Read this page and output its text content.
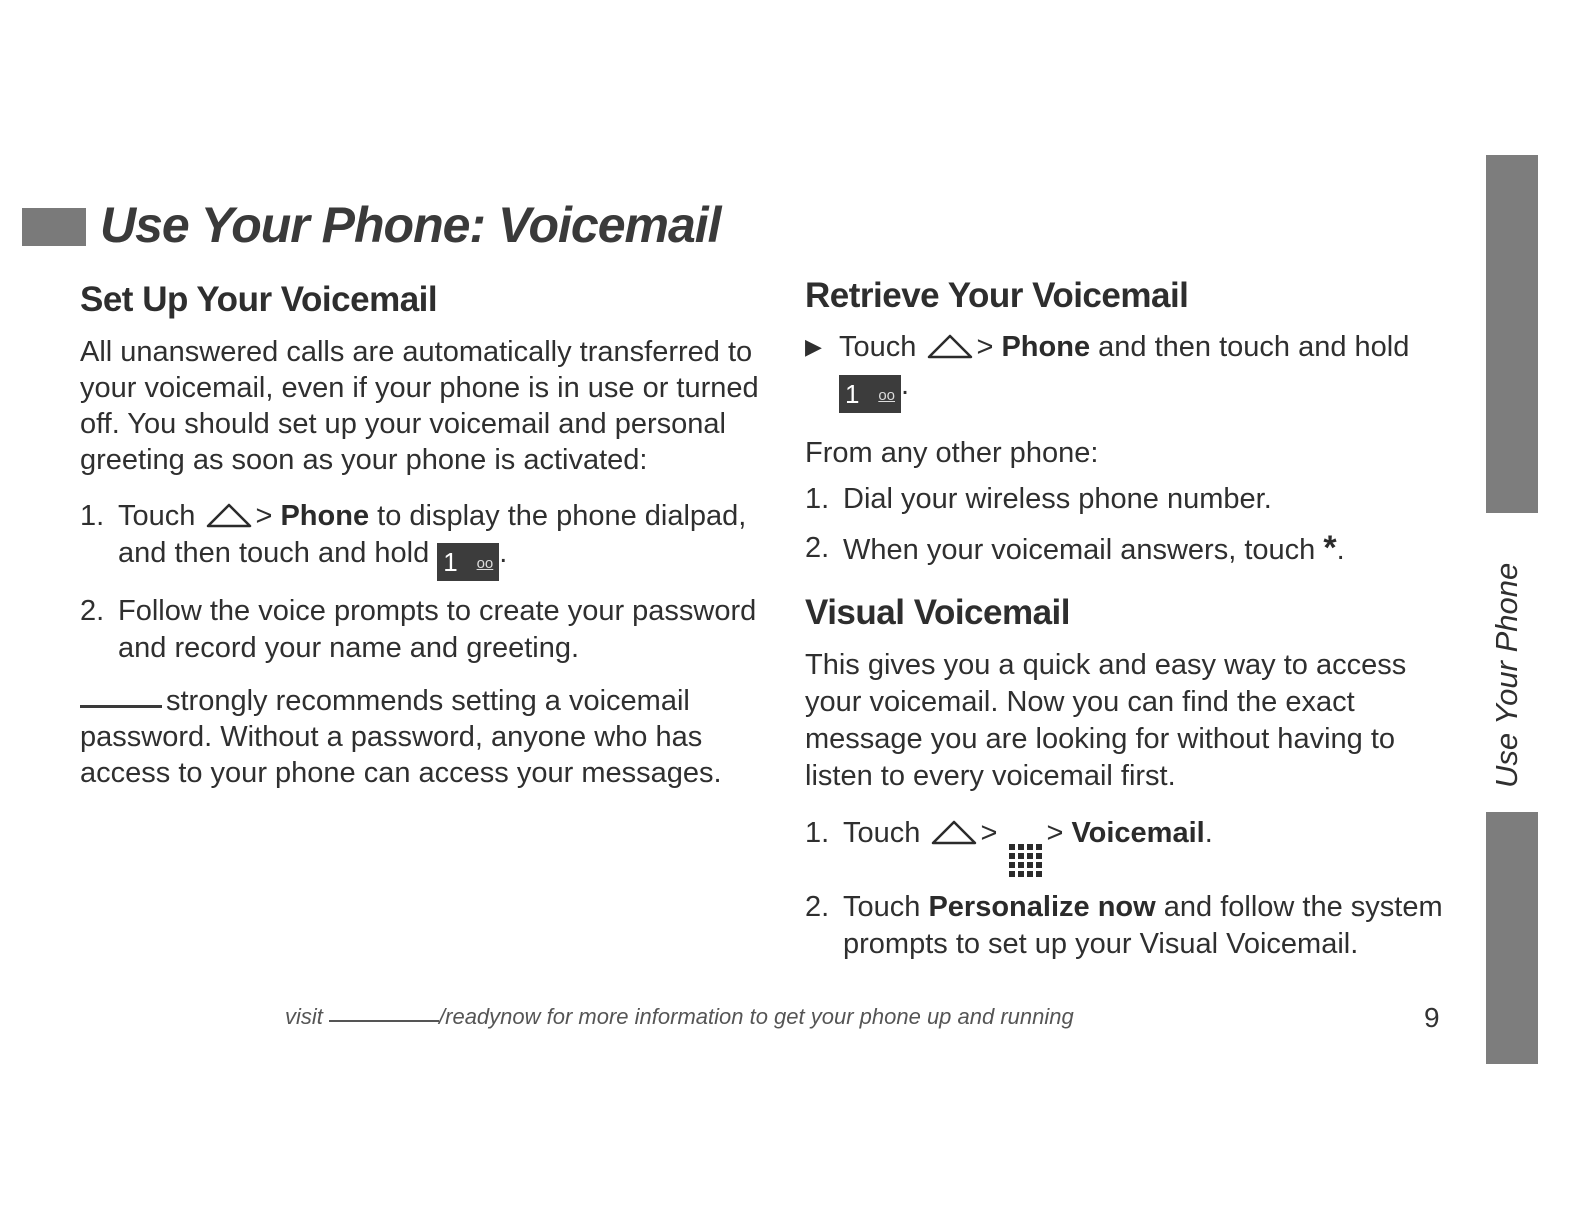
Use Your Phone: Voicemail
Set Up Your Voicemail

All unanswered calls are automatically transferred to your voicemail, even if your phone is in use or turned off. You should set up your voicemail and personal greeting as soon as your phone is activated:

1. Touch > Phone to display the phone dialpad, and then touch and hold 1 oo .
2. Follow the voice prompts to create your password and record your name and greeting.

strongly recommends setting a voicemail password. Without a password, anyone who has access to your phone can access your messages.

Retrieve Your Voicemail
▶ Touch > Phone and then touch and hold 1 oo .

From any other phone:

1. Dial your wireless phone number.
2. When your voicemail answers, touch *.
Visual Voicemail

This gives you a quick and easy way to access your voicemail. Now you can find the exact message you are looking for without having to listen to every voicemail first.

1. Touch > > Voicemail.
2. Touch Personalize now and follow the system prompts to set up your Visual Voicemail.
Use Your Phone
visit	/readynow for more information to get your phone up and running	9
